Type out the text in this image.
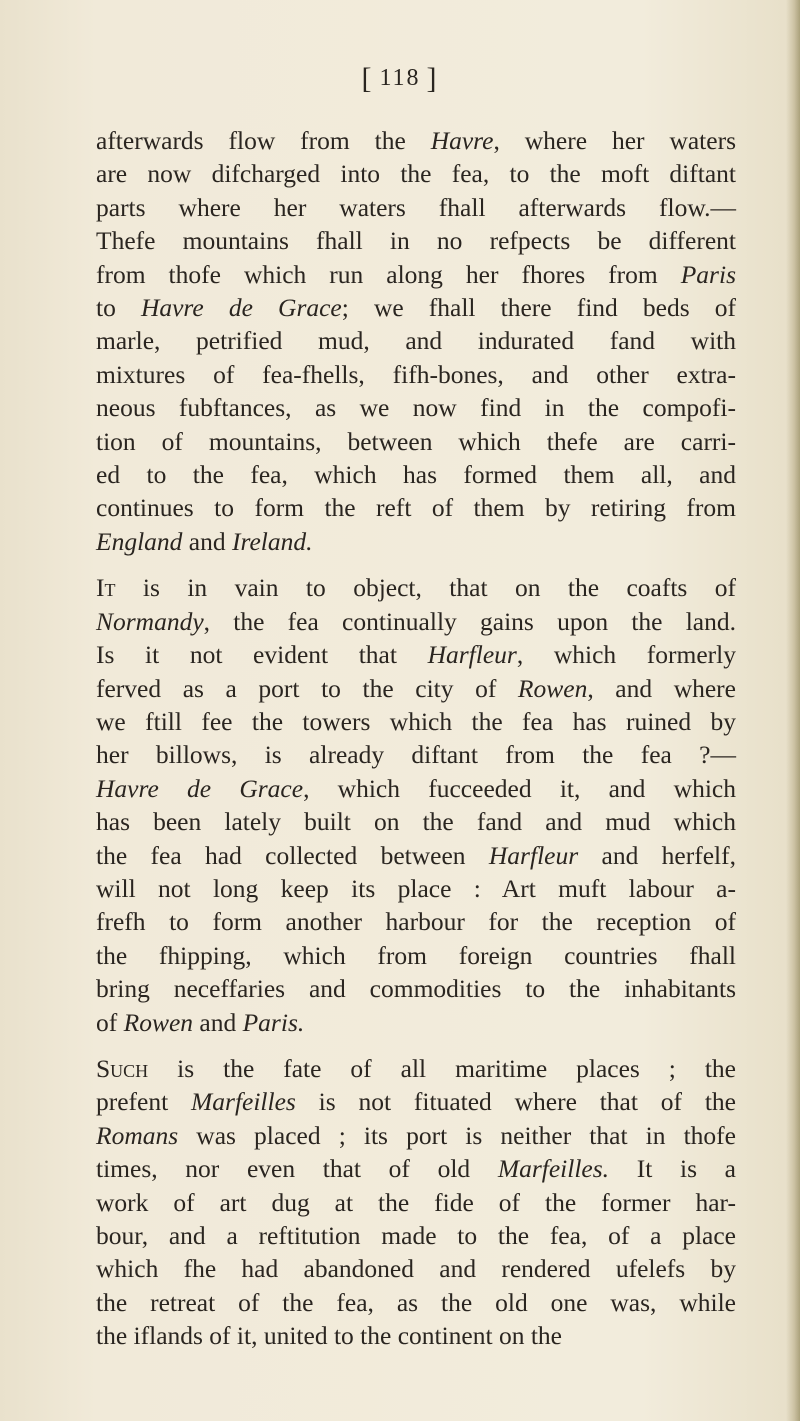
[ 118 ]
afterwards flow from the Havre, where her waters
are now difcharged into the fea, to the moft diftant
parts where her waters fhall afterwards flow.—
Thefe mountains fhall in no refpects be different
from thofe which run along her fhores from Paris
to Havre de Grace; we fhall there find beds of
marle, petrified mud, and indurated fand with
mixtures of fea-fhells, fifh-bones, and other extra-
neous fubftances, as we now find in the compofi-
tion of mountains, between which thefe are carri-
ed to the fea, which has formed them all, and
continues to form the reft of them by retiring from
England and Ireland.
It is in vain to object, that on the coafts of
Normandy, the fea continually gains upon the land.
Is it not evident that Harfleur, which formerly
ferved as a port to the city of Rowen, and where
we ftill fee the towers which the fea has ruined by
her billows, is already diftant from the fea ?—
Havre de Grace, which fucceeded it, and which
has been lately built on the fand and mud which
the fea had collected between Harfleur and herfelf,
will not long keep its place : Art muft labour a-
frefh to form another harbour for the reception of
the fhipping, which from foreign countries fhall
bring neceffaries and commodities to the inhabitants
of Rowen and Paris.
Such is the fate of all maritime places ; the
prefent Marfeilles is not fituated where that of the
Romans was placed ; its port is neither that in thofe
times, nor even that of old Marfeilles. It is a
work of art dug at the fide of the former har-
bour, and a reftitution made to the fea, of a place
which fhe had abandoned and rendered ufelefs by
the retreat of the fea, as the old one was, while
the iflands of it, united to the continent on the
